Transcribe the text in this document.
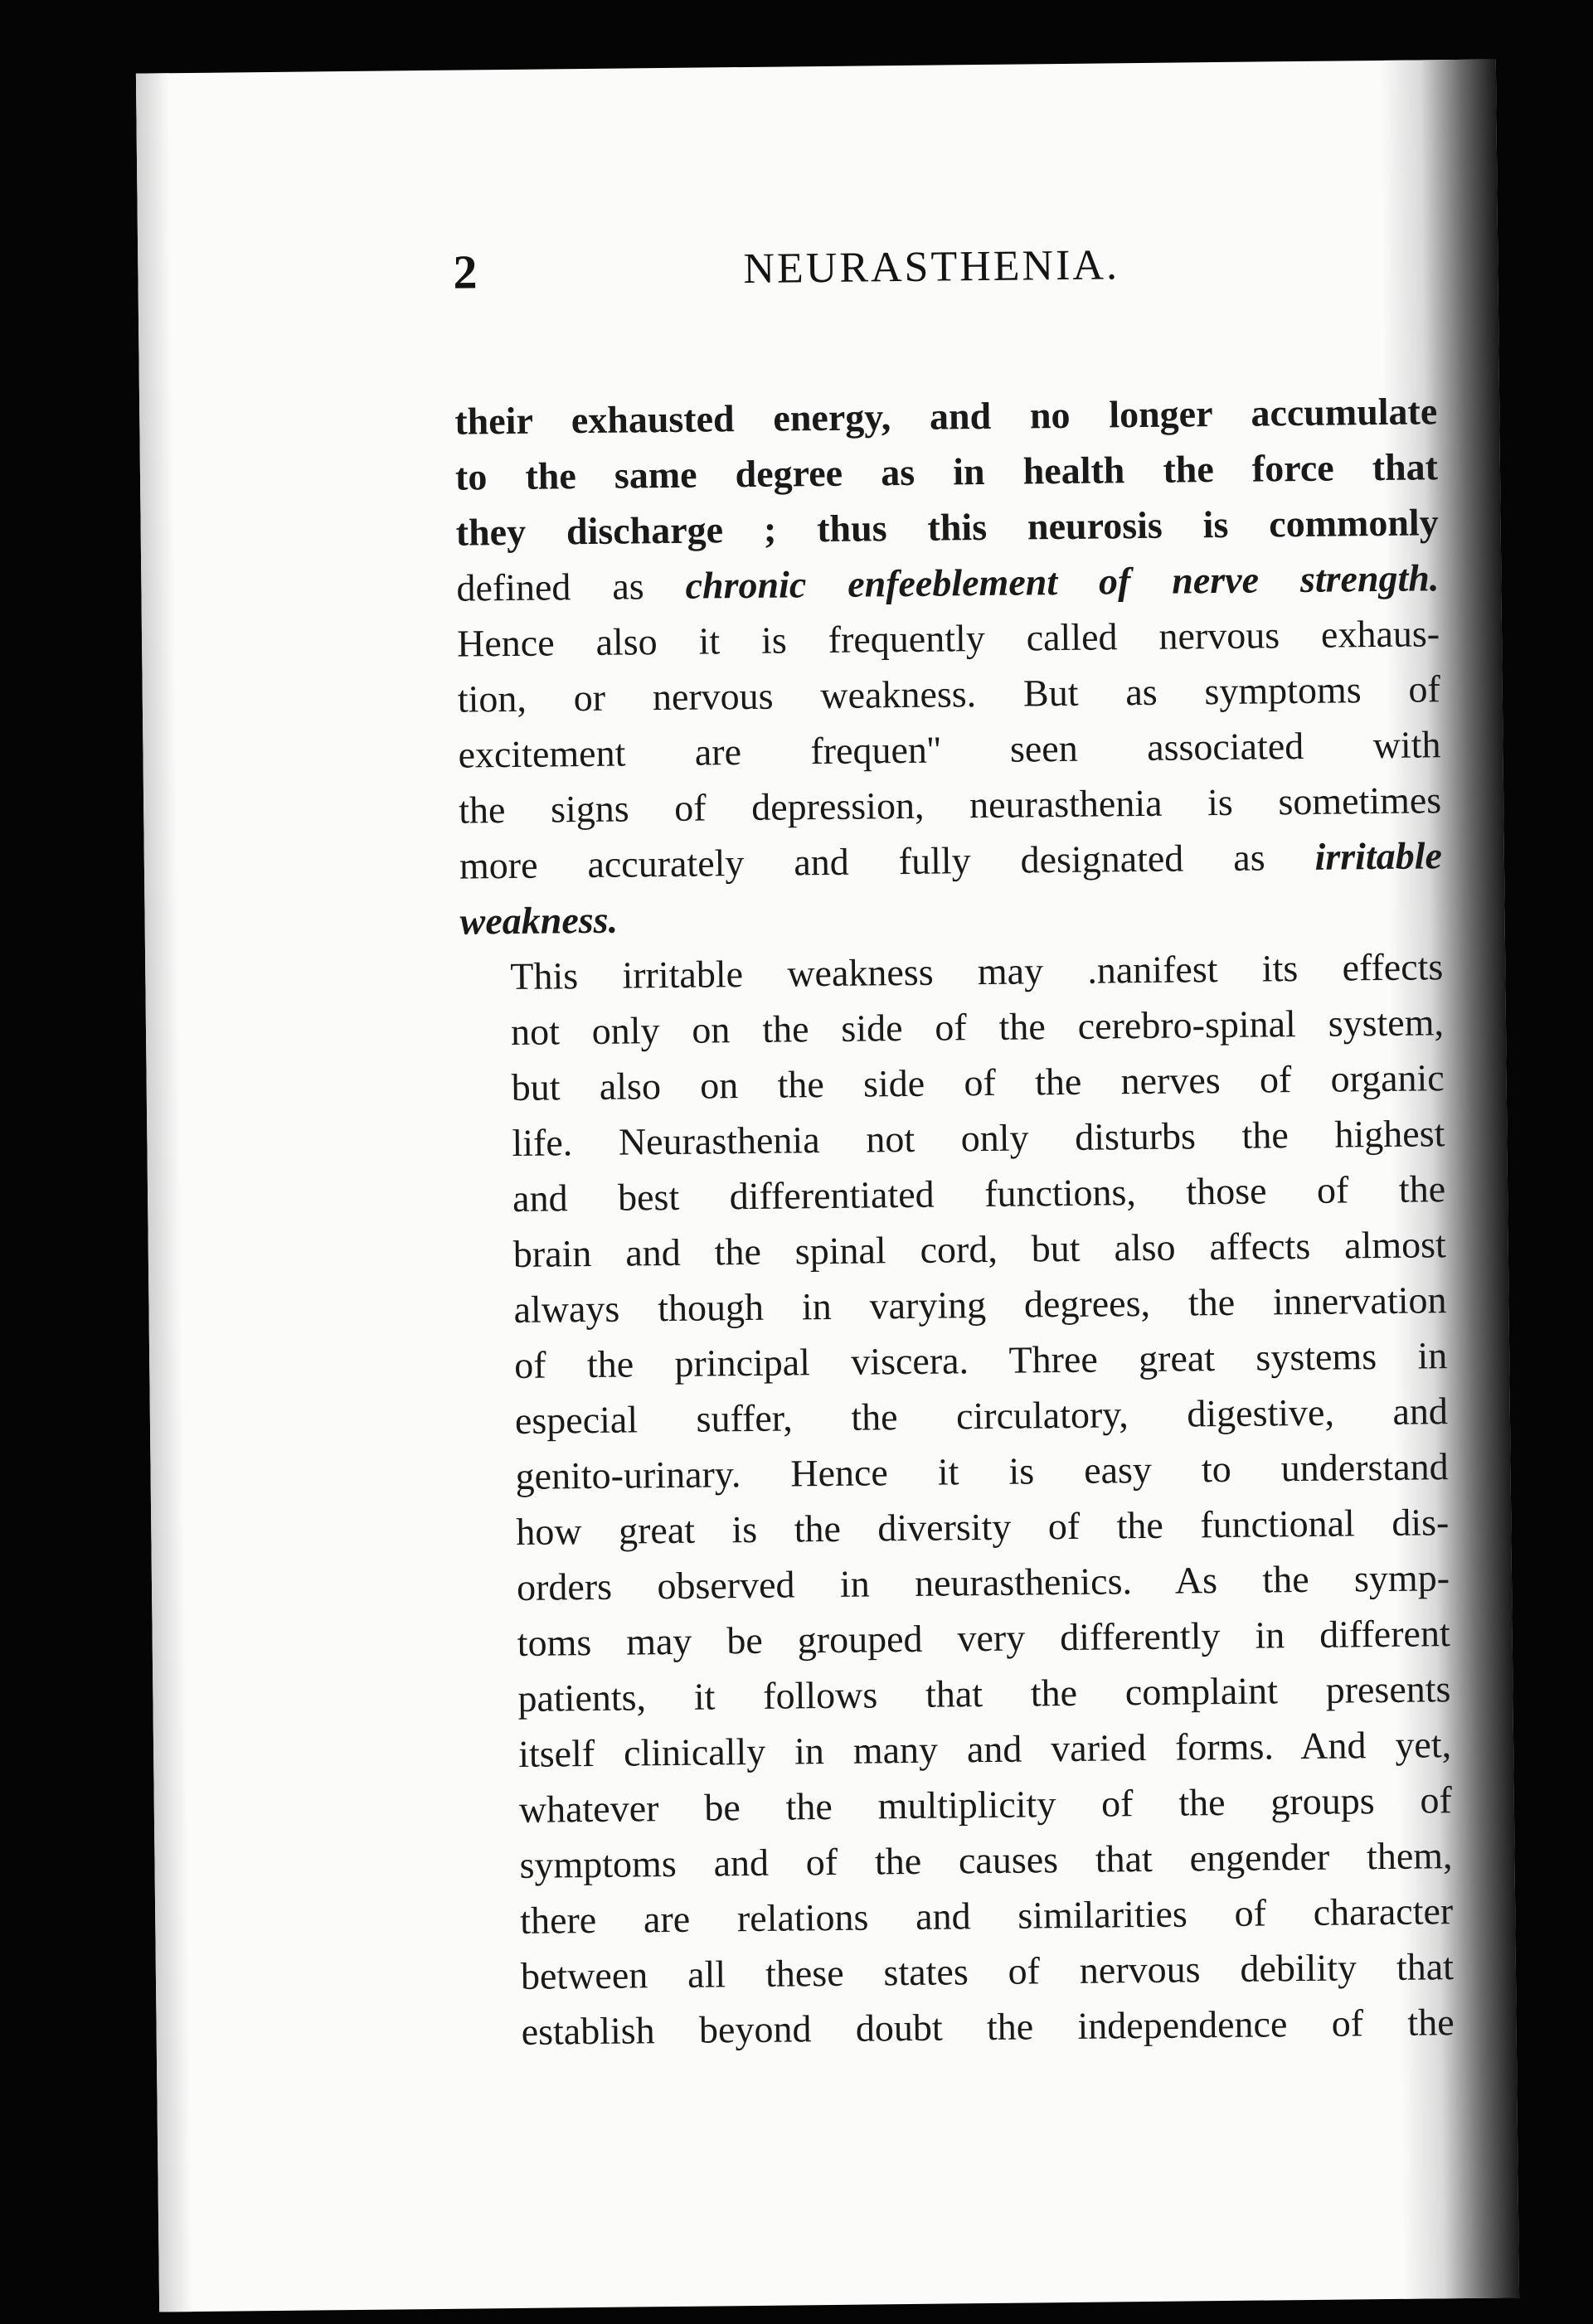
2	NEURASTHENIA.

their exhausted energy, and no longer accumulate
to the same degree as in health the force that
they discharge ; thus this neurosis is commonly
defined as chronic enfeeblement of nerve strength.
Hence also it is frequently called nervous exhaus-
tion, or nervous weakness. But as symptoms of
excitement are frequen'' seen associated with
the signs of depression, neurasthenia is sometimes
more accurately and fully designated as irritable
weakness.

This irritable weakness may .nanifest its effects
not only on the side of the cerebro-spinal system,
but also on the side of the nerves of organic
life. Neurasthenia not only disturbs the highest
and best differentiated functions, those of the
brain and the spinal cord, but also affects almost
always though in varying degrees, the innervation
of the principal viscera. Three great systems in
especial suffer, the circulatory, digestive, and
genito-urinary. Hence it is easy to understand
how great is the diversity of the functional dis-
orders observed in neurasthenics. As the symp-
toms may be grouped very differently in different
patients, it follows that the complaint presents
itself clinically in many and varied forms. And yet,
whatever be the multiplicity of the groups of
symptoms and of the causes that engender them,
there are relations and similarities of character
between all these states of nervous debility that
establish beyond doubt the independence of the
